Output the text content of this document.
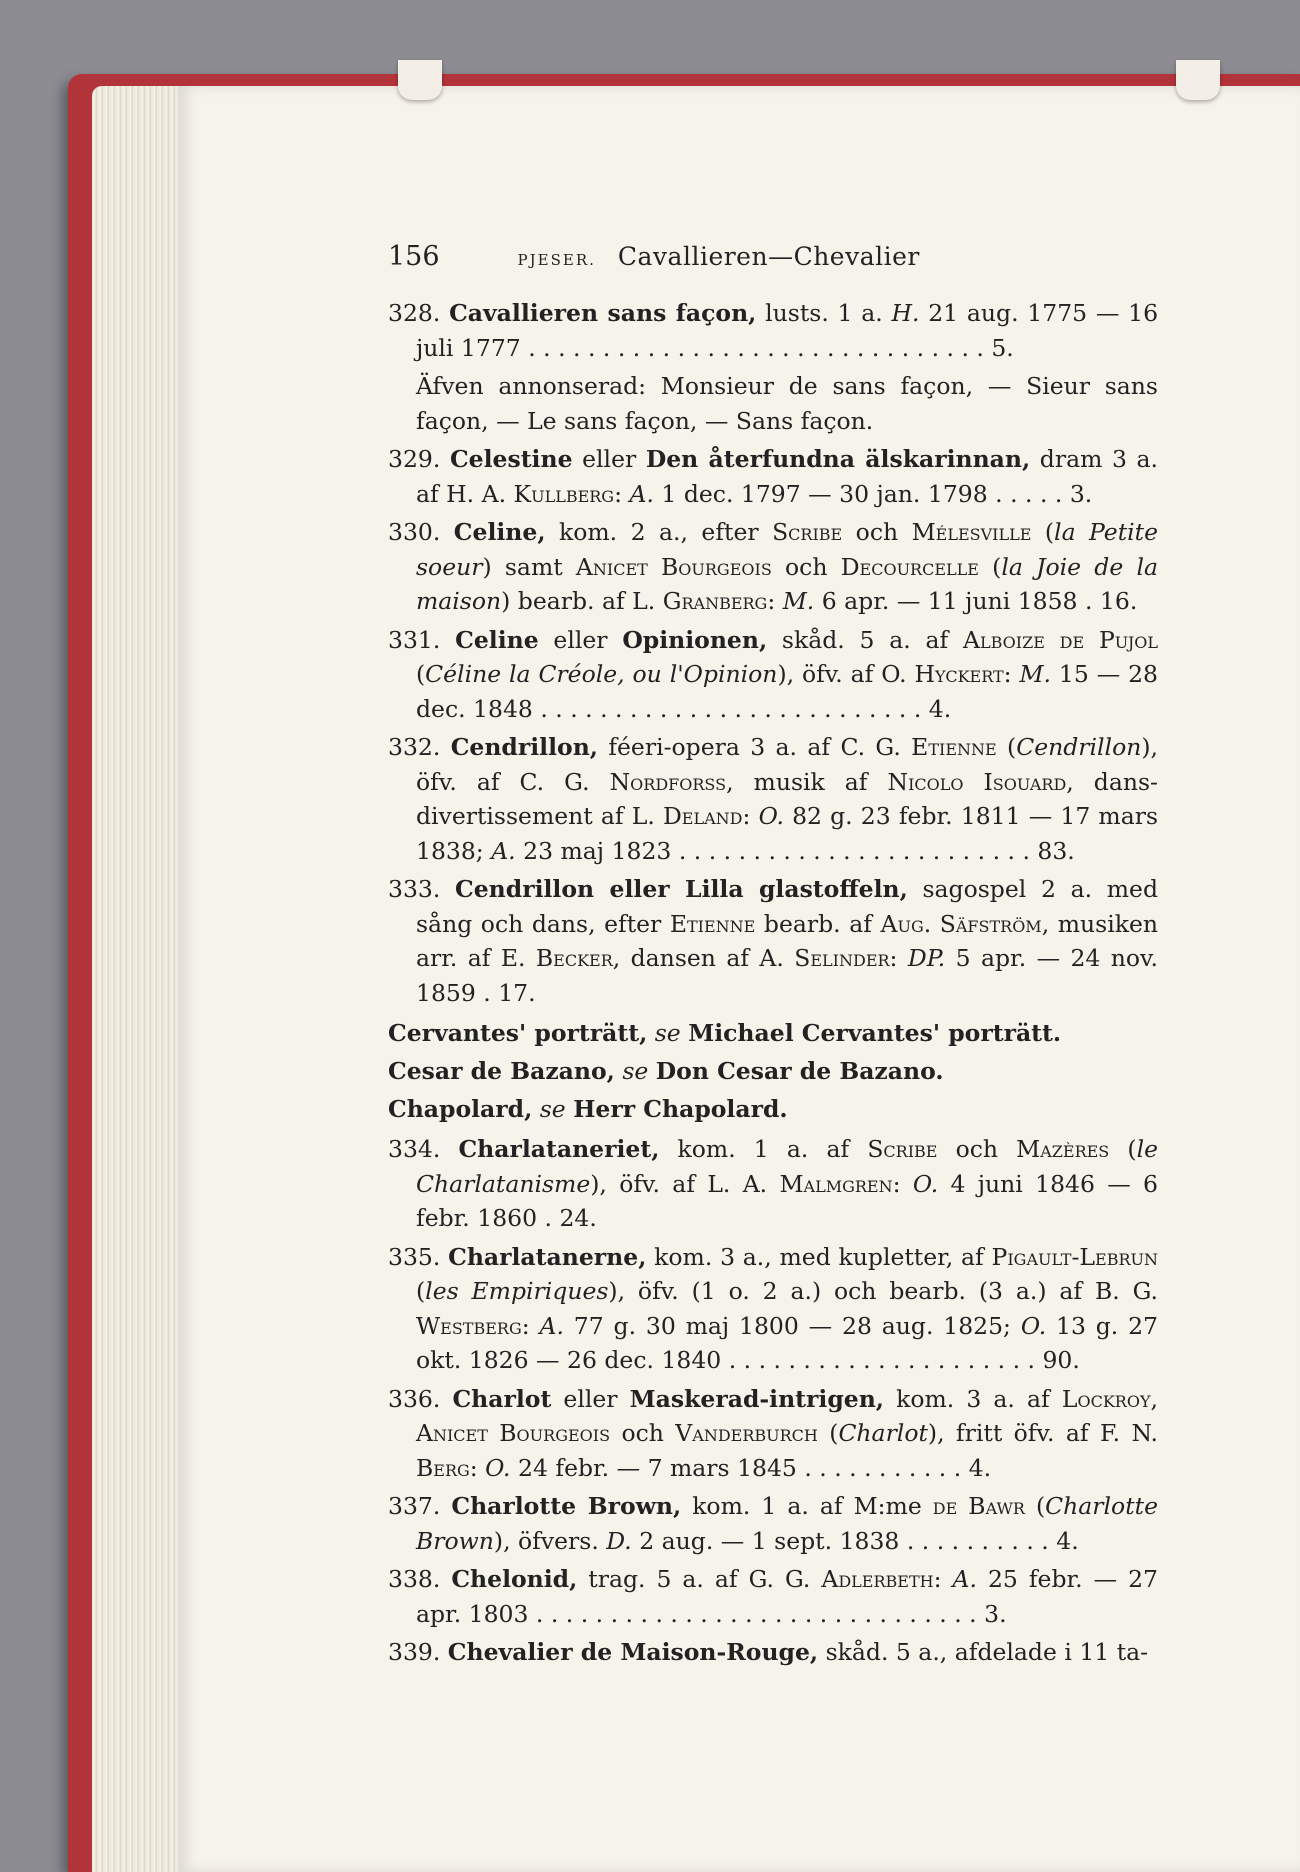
156	PJESER. Cavallieren—Chevalier

328. Cavallieren sans façon, lusts. 1 a. H. 21 aug. 1775 — 16 juli 1777 . . . . . . . . . . . . . . . . . . . . . . . . . . . . . . . 5.

Äfven annonserad: Monsieur de sans façon, — Sieur sans façon, — Le sans façon, — Sans façon.

329. Celestine eller Den återfundna älskarinnan, dram 3 a. af H. A. Kullberg: A. 1 dec. 1797 — 30 jan. 1798 . . . . . 3.

330. Celine, kom. 2 a., efter Scribe och Mélesville (la Petite soeur) samt Anicet Bourgeois och Decourcelle (la Joie de la maison) bearb. af L. Granberg: M. 6 apr. — 11 juni 1858 . 16.

331. Celine eller Opinionen, skåd. 5 a. af Alboize de Pujol (Céline la Créole, ou l'Opinion), öfv. af O. Hyckert: M. 15 — 28 dec. 1848 . . . . . . . . . . . . . . . . . . . . . . . . . . 4.

332. Cendrillon, féeri-opera 3 a. af C. G. Etienne (Cendrillon), öfv. af C. G. Nordforss, musik af Nicolo Isouard, dans-divertissement af L. Deland: O. 82 g. 23 febr. 1811 — 17 mars 1838; A. 23 maj 1823 . . . . . . . . . . . . . . . . . . . . . . . . 83.

333. Cendrillon eller Lilla glastoffeln, sagospel 2 a. med sång och dans, efter Etienne bearb. af Aug. Säfström, musiken arr. af E. Becker, dansen af A. Selinder: DP. 5 apr. — 24 nov. 1859 . 17.

Cervantes' porträtt, se Michael Cervantes' porträtt.

Cesar de Bazano, se Don Cesar de Bazano.

Chapolard, se Herr Chapolard.

334. Charlataneriet, kom. 1 a. af Scribe och Mazères (le Charlatanisme), öfv. af L. A. Malmgren: O. 4 juni 1846 — 6 febr. 1860 . 24.

335. Charlatanerne, kom. 3 a., med kupletter, af Pigault-Lebrun (les Empiriques), öfv. (1 o. 2 a.) och bearb. (3 a.) af B. G. Westberg: A. 77 g. 30 maj 1800 — 28 aug. 1825; O. 13 g. 27 okt. 1826 — 26 dec. 1840 . . . . . . . . . . . . . . . . . . . . . 90.

336. Charlot eller Maskerad-intrigen, kom. 3 a. af Lockroy, Anicet Bourgeois och Vanderburch (Charlot), fritt öfv. af F. N. Berg: O. 24 febr. — 7 mars 1845 . . . . . . . . . . . 4.

337. Charlotte Brown, kom. 1 a. af M:me de Bawr (Charlotte Brown), öfvers. D. 2 aug. — 1 sept. 1838 . . . . . . . . . . 4.

338. Chelonid, trag. 5 a. af G. G. Adlerbeth: A. 25 febr. — 27 apr. 1803 . . . . . . . . . . . . . . . . . . . . . . . . . . . . . . 3.

339. Chevalier de Maison-Rouge, skåd. 5 a., afdelade i 11 ta-
